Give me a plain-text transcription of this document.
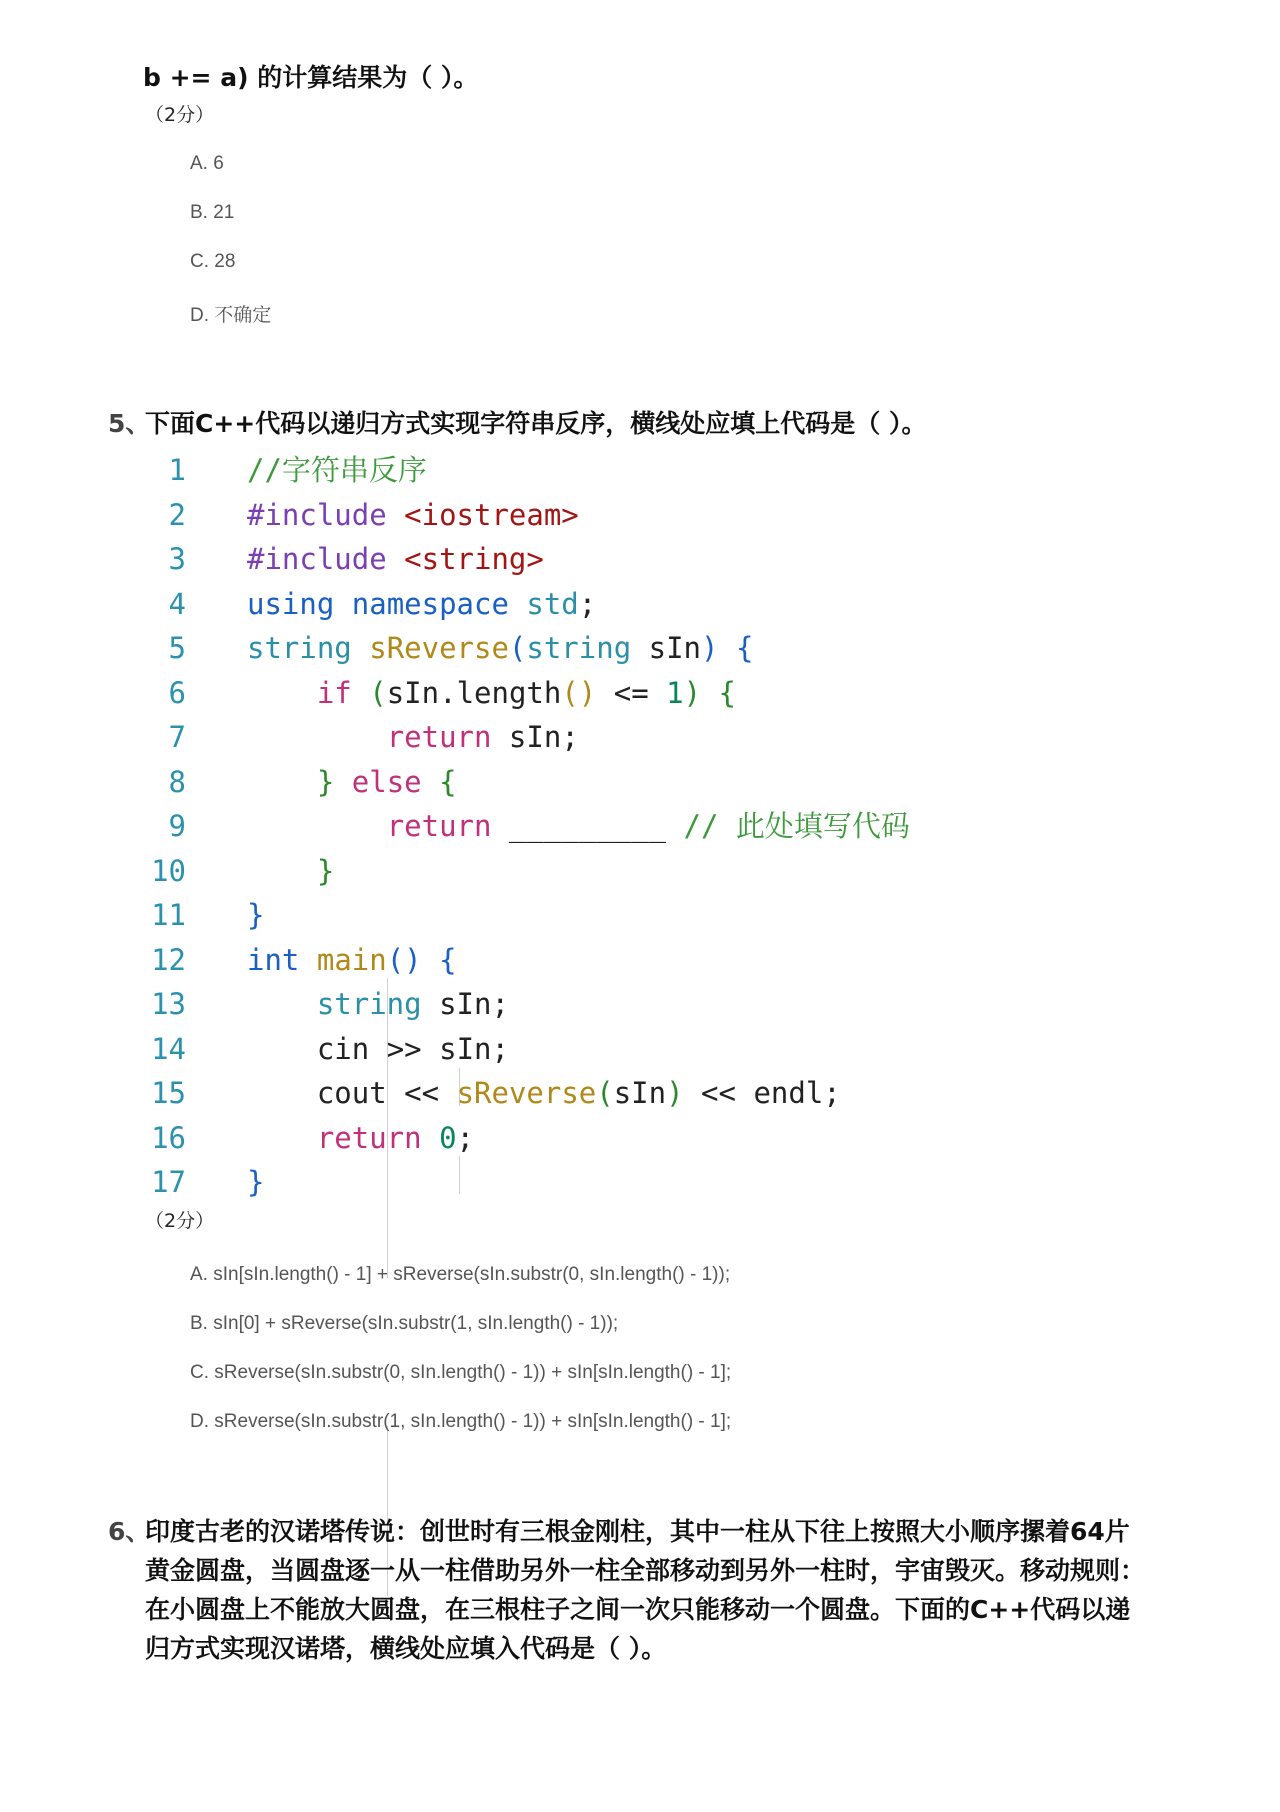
b += a) 的计算结果为（ ）。
（2分）
A. 6
B. 21
C. 28
D. 不确定
5、
下面C++代码以递归方式实现字符串反序，横线处应填上代码是（ ）。
1 //字符串反序
2 #include <iostream>
3 #include <string>
4 using namespace std;
5 string sReverse(string sIn) {
6	if (sIn.length() <= 1) {
7	return sIn;
8	} else {
9	return _________ // 此处填写代码
10	}
11 }
12 int main() {
13	string sIn;
14	cin >> sIn;
15	cout << sReverse(sIn) << endl;
16	return 0;
17 }
（2分）
A. sIn[sIn.length() - 1] + sReverse(sIn.substr(0, sIn.length() - 1));
B. sIn[0] + sReverse(sIn.substr(1, sIn.length() - 1));
C. sReverse(sIn.substr(0, sIn.length() - 1)) + sIn[sIn.length() - 1];
D. sReverse(sIn.substr(1, sIn.length() - 1)) + sIn[sIn.length() - 1];
6、
印度古老的汉诺塔传说：创世时有三根金刚柱，其中一柱从下往上按照大小顺序摞着64片黄金圆盘，当圆盘逐一从一柱借助另外一柱全部移动到另外一柱时，宇宙毁灭。移动规则：在小圆盘上不能放大圆盘，在三根柱子之间一次只能移动一个圆盘。下面的C++代码以递归方式实现汉诺塔，横线处应填入代码是（ ）。
